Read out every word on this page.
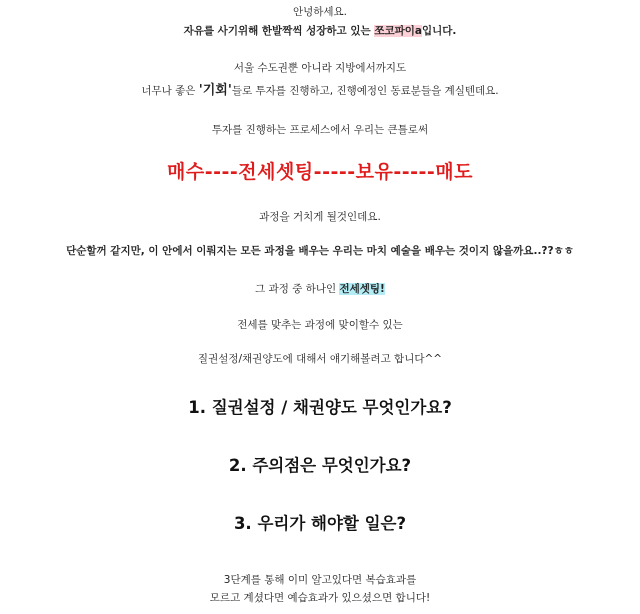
안녕하세요.
자유를 사기위해 한발짝씩 성장하고 있는 쪼코파이a입니다.
서울 수도권뿐 아니라 지방에서까지도
너무나 좋은 '기회'들로 투자를 진행하고, 진행예정인 동료분들을 계실텐데요.
투자를 진행하는 프로세스에서 우리는 큰틀로써
매수----전세셋팅-----보유-----매도
과정을 거치게 될것인데요.
단순할꺼 같지만, 이 안에서 이뤄지는 모든 과정을 배우는 우리는 마치 예술을 배우는 것이지 않을까요..??ㅎㅎ
그 과정 중 하나인 전세셋팅!
전세를 맞추는 과정에 맞이할수 있는
질권설정/채권양도에 대해서 얘기해볼려고 합니다^^
1. 질권설정 / 채권양도 무엇인가요?
2. 주의점은 무엇인가요?
3. 우리가 해야할 일은?
3단계를 통해 이미 알고있다면 복습효과를
모르고 계셨다면 예습효과가 있으셨으면 합니다!
